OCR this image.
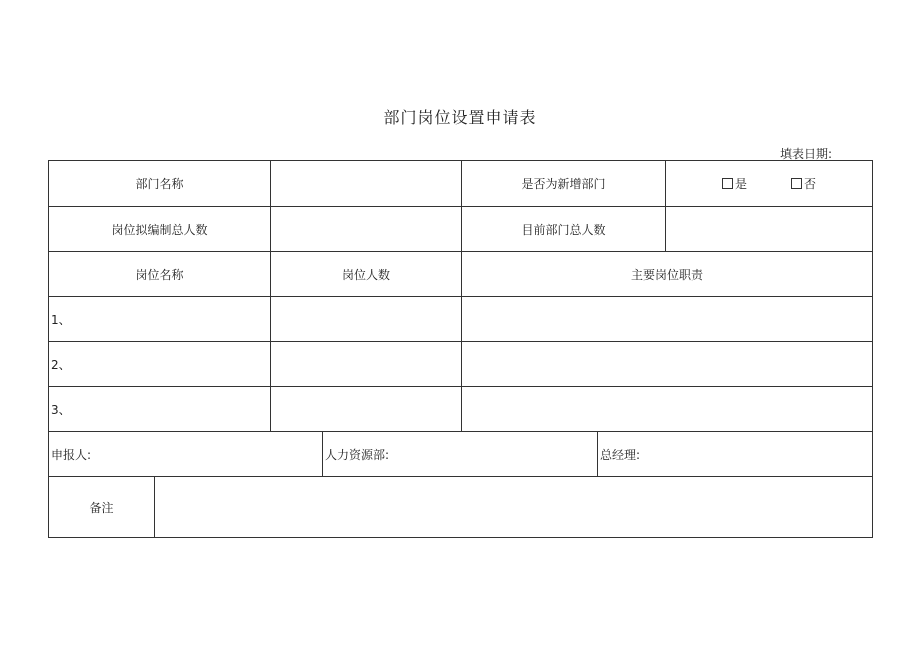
部门岗位设置申请表
填表日期:
部门名称	是否为新增部门	是	否
岗位拟编制总人数	目前部门总人数
岗位名称	岗位人数	主要岗位职责
1、
2、
3、
申报人:	人力资源部:	总经理:
备注
